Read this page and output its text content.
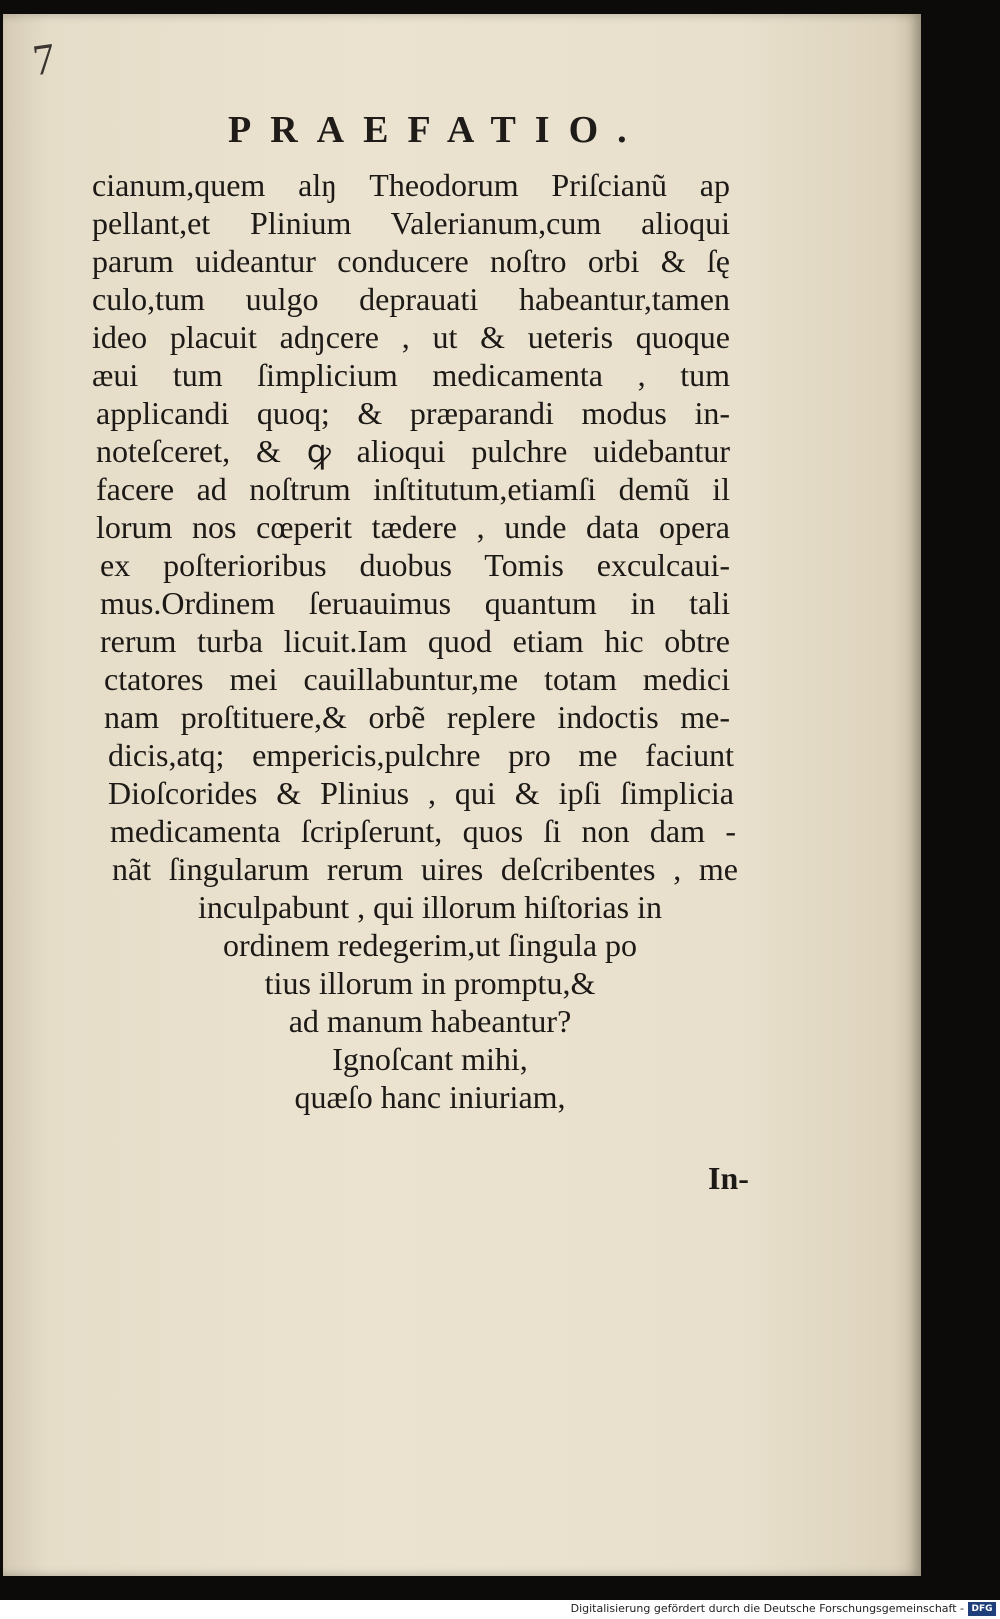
7
PRAEFATIO.
cianum,quem alŋ Theodorum Priſcianũ ap
pellant,et Plinium Valerianum,cum alioqui
parum uideantur conducere noſtro orbi & ſę
culo,tum uulgo deprauati habeantur,tamen
ideo placuit adŋcere , ut & ueteris quoque
æui tum ſimplicium medicamenta , tum
applicandi quoq; & præparandi modus in-
noteſceret, & ꝙ alioqui pulchre uidebantur
facere ad noſtrum inſtitutum,etiamſi demũ il
lorum nos cœperit tædere , unde data opera
ex poſterioribus duobus Tomis exculcaui-
mus.Ordinem ſeruauimus quantum in tali
rerum turba licuit.Iam quod etiam hic obtre
ctatores mei cauillabuntur,me totam medici
nam proſtituere,& orbẽ replere indoctis me-
dicis,atq; empericis,pulchre pro me faciunt
Dioſcorides & Plinius , qui & ipſi ſimplicia
medicamenta ſcripſerunt, quos ſi non dam -
nãt ſingularum rerum uires deſcribentes , me
inculpabunt , qui illorum hiſtorias in
ordinem redegerim,ut ſingula po
tius illorum in promptu,&
ad manum habeantur?
Ignoſcant mihi,
quæſo hanc iniuriam,
In-
Digitalisierung gefördert durch die Deutsche Forschungsgemeinschaft - DFG
